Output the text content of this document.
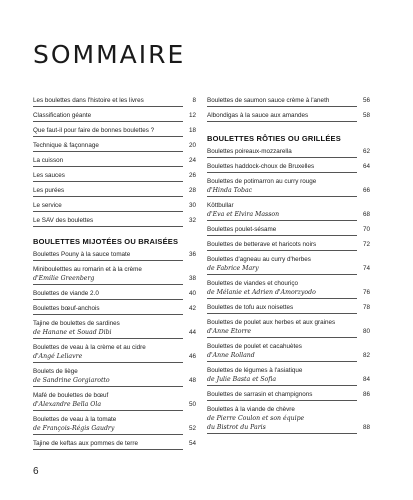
SOMMAIRE
Les boulettes dans l'histoire et les livres	8
Classification géante	12
Que faut-il pour faire de bonnes boulettes ?	18
Technique & façonnage	20
La cuisson	24
Les sauces	26
Les purées	28
Le service	30
Le SAV des boulettes	32
BOULETTES MIJOTÉES OU BRAISÉES
Boulettes Pouny à la sauce tomate	36
Minibouletttes au romarin et à la crème
d'Emilie Greenberg	38
Boulettes de viande 2.0	40
Boulettes bœuf-anchois	42
Tajine de boulettes de sardines
de Hanane et Souad Dibi	44
Boulettes de veau à la crème et au cidre
d'Angé Leliavre	46
Boulets de liège
de Sandrine Gorgiarotto	48
Mafé de boulettes de bœuf
d'Alexandre Bella Ola	50
Boulettes de veau à la tomate
de François-Régis Gaudry	52
Tajine de keftas aux pommes de terre	54
Boulettes de saumon sauce crème à l'aneth	56
Albondigas à la sauce aux amandes	58
BOULETTES RÔTIES OU GRILLÉES
Boulettes poireaux-mozzarella	62
Boulettes haddock-choux de Bruxelles	64
Boulettes de potimarron au curry rouge
d'Hinda Tobac	66
Köttbullar
d'Eva et Elvira Masson	68
Boulettes poulet-sésame	70
Boulettes de betterave et haricots noirs	72
Boulettes d'agneau au curry d'herbes
de Fabrice Mary	74
Boulettes de viandes et chouriço
de Mélanie et Adrien d'Amorzyodo	76
Boulettes de tofu aux noisettes	78
Boulettes de poulet aux herbes et aux graines
d'Anne Etorre	80
Boulettes de poulet et cacahuètes
d'Anne Rolland	82
Boulettes de légumes à l'asiatique
de Julie Basta et Sofia	84
Boulettes de sarrasin et champignons	86
Boulettes à la viande de chèvre
de Pierre Coulon et son équipe
du Bistrot du Paris	88
6
